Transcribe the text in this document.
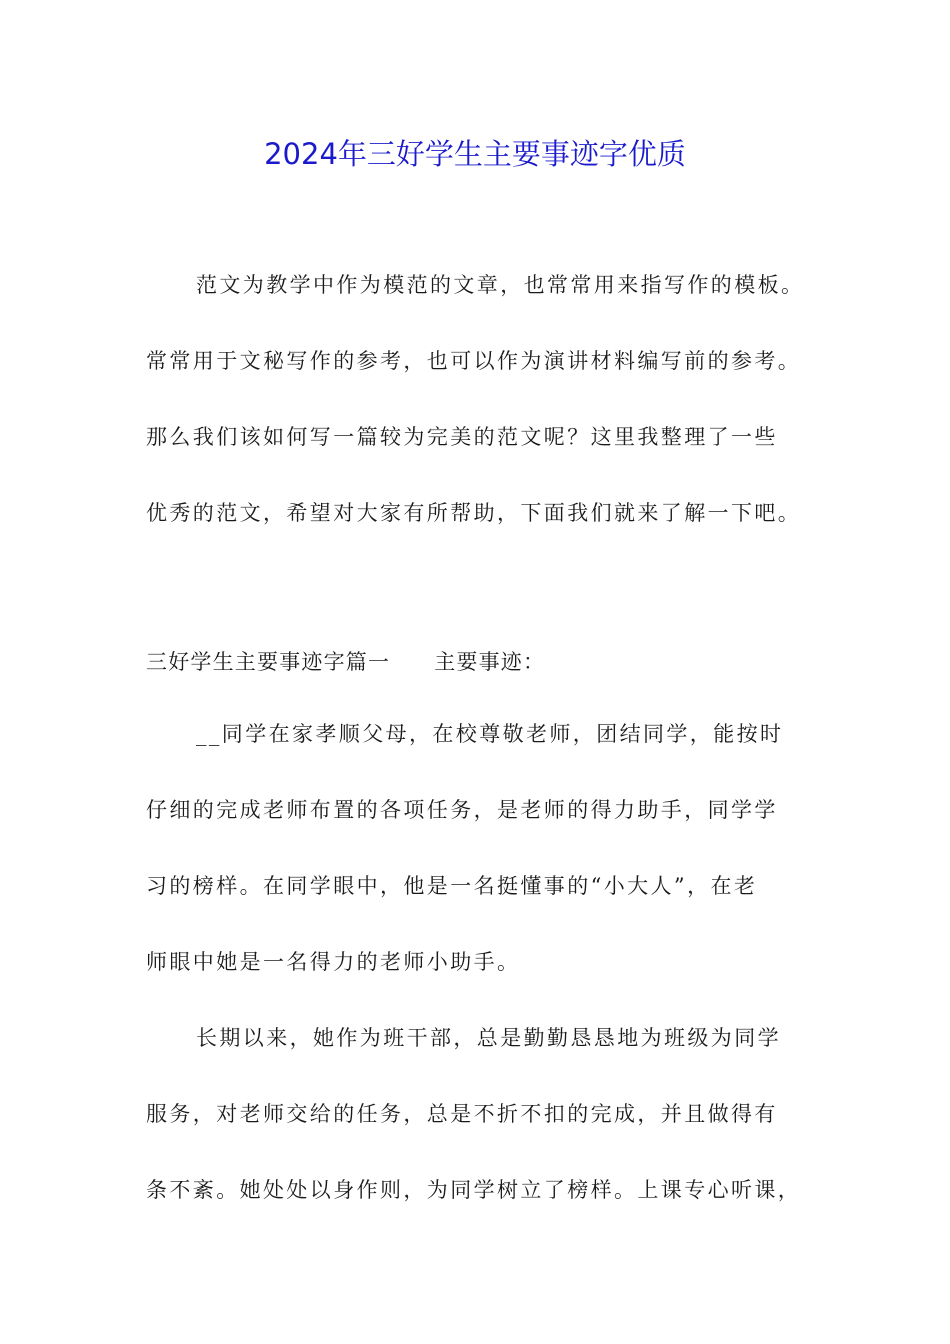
2024年三好学生主要事迹字优质
范文为教学中作为模范的文章，也常常用来指写作的模板。
常常用于文秘写作的参考，也可以作为演讲材料编写前的参考。
那么我们该如何写一篇较为完美的范文呢？这里我整理了一些
优秀的范文，希望对大家有所帮助，下面我们就来了解一下吧。
三好学生主要事迹字篇一 主要事迹：
__同学在家孝顺父母，在校尊敬老师，团结同学，能按时
仔细的完成老师布置的各项任务，是老师的得力助手，同学学
习的榜样。在同学眼中，他是一名挺懂事的“小大人”，在老
师眼中她是一名得力的老师小助手。
长期以来，她作为班干部，总是勤勤恳恳地为班级为同学
服务，对老师交给的任务，总是不折不扣的完成，并且做得有
条不紊。她处处以身作则，为同学树立了榜样。上课专心听课，
